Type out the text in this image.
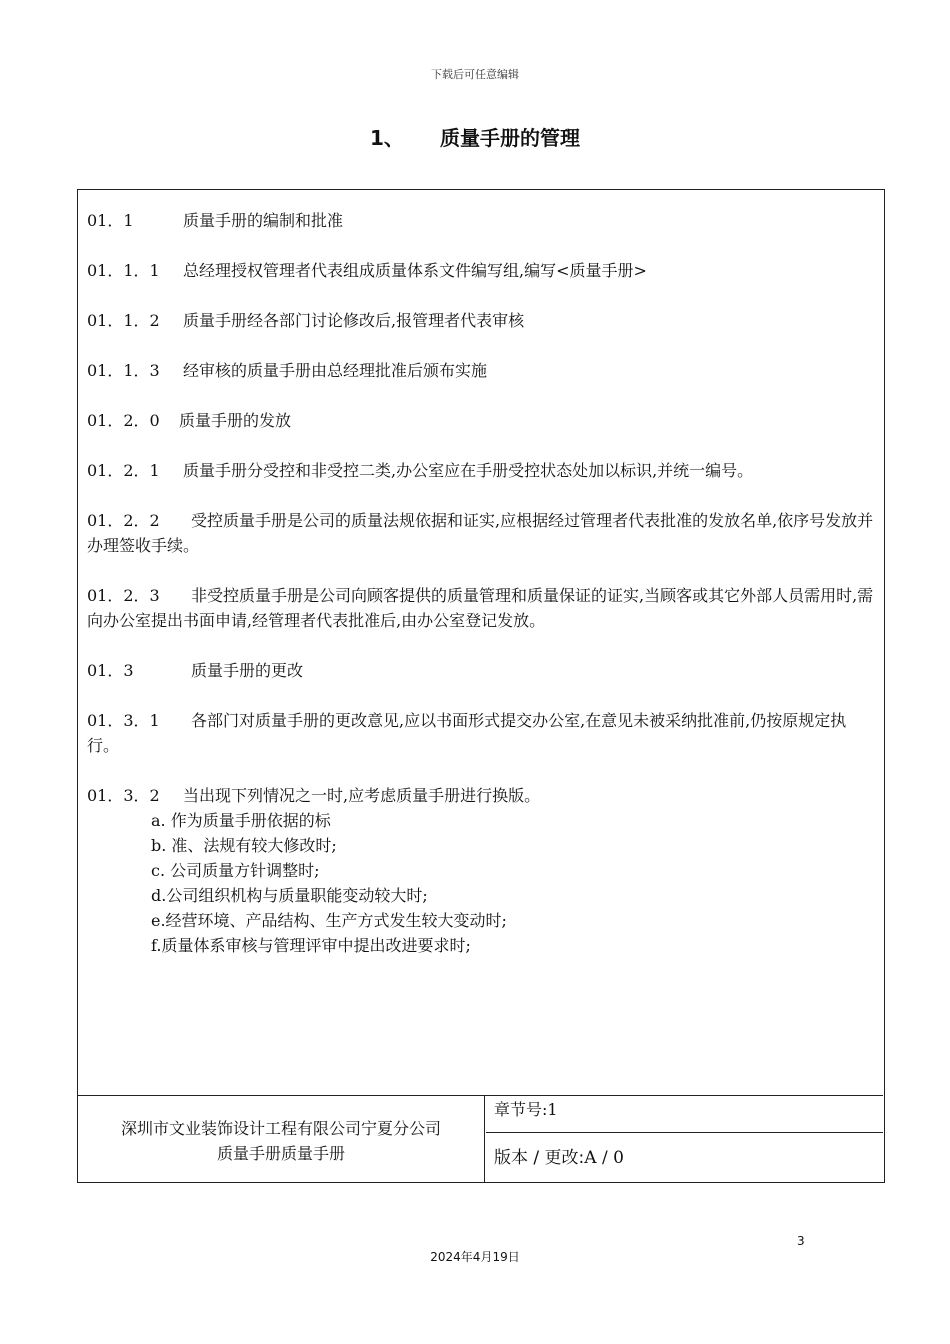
下载后可任意编辑
1、 质量手册的管理

01．1	质量手册的编制和批准

01．1．1 总经理授权管理者代表组成质量体系文件编写组,编写<质量手册>

01．1．2 质量手册经各部门讨论修改后,报管理者代表审核

01．1．3 经审核的质量手册由总经理批准后颁布实施

01．2．0 质量手册的发放

01．2．1 质量手册分受控和非受控二类,办公室应在手册受控状态处加以标识,并统一编号。

01．2．2 受控质量手册是公司的质量法规依据和证实,应根据经过管理者代表批准的发放名单,依序号发放并办理签收手续。

01．2．3 非受控质量手册是公司向顾客提供的质量管理和质量保证的证实,当顾客或其它外部人员需用时,需向办公室提出书面申请,经管理者代表批准后,由办公室登记发放。

01．3	质量手册的更改

01．3．1 各部门对质量手册的更改意见,应以书面形式提交办公室,在意见未被采纳批准前,仍按原规定执行。

01．3．2 当出现下列情况之一时,应考虑质量手册进行换版。

a. 作为质量手册依据的标
b. 准、法规有较大修改时;
c. 公司质量方针调整时;
d.公司组织机构与质量职能变动较大时;
e.经营环境、产品结构、生产方式发生较大变动时;
f.质量体系审核与管理评审中提出改进要求时;
深圳市文业装饰设计工程有限公司宁夏分公司
质量手册质量手册
章节号:1
版本 / 更改:A / 0
3
2024年4月19日
